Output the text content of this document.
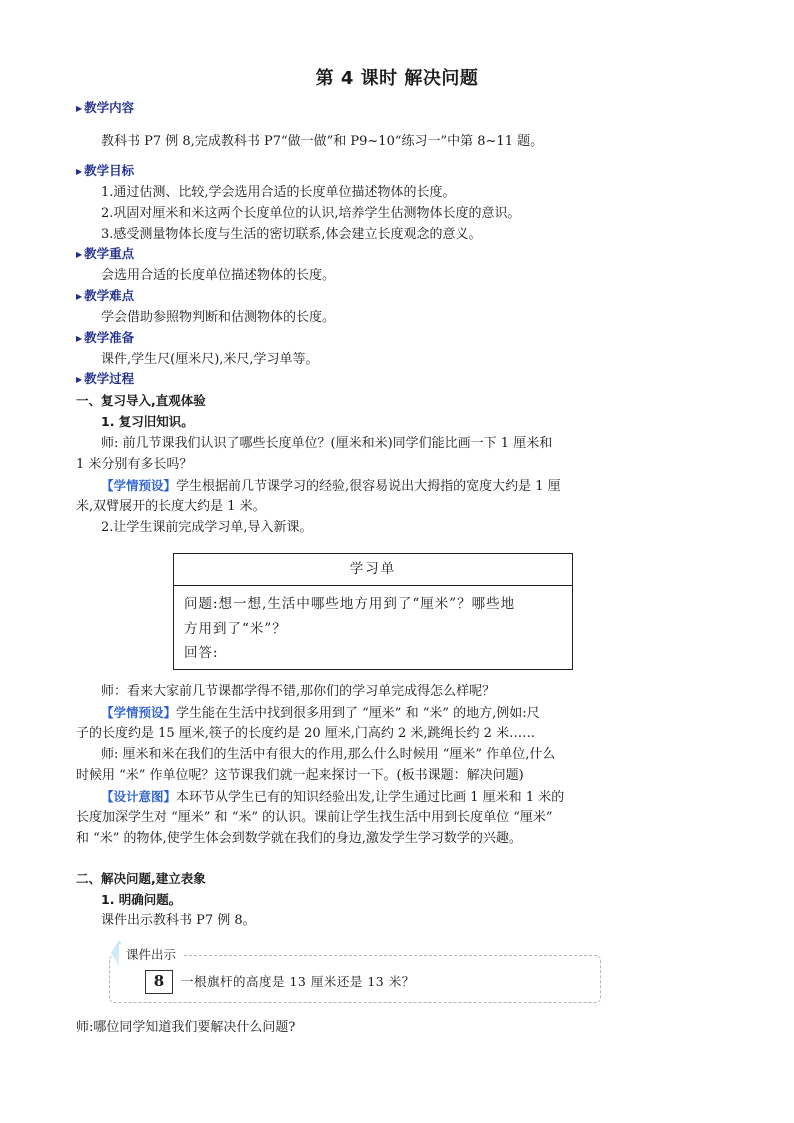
第 4 课时 解决问题
▶ 教学内容
教科书 P7 例 8,完成教科书 P7“做一做”和 P9~10“练习一”中第 8~11 题。
▶ 教学目标
1.通过估测、比较,学会选用合适的长度单位描述物体的长度。
2.巩固对厘米和米这两个长度单位的认识,培养学生估测物体长度的意识。
3.感受测量物体长度与生活的密切联系,体会建立长度观念的意义。
▶ 教学重点
会选用合适的长度单位描述物体的长度。
▶ 教学难点
学会借助参照物判断和估测物体的长度。
▶ 教学准备
课件,学生尺(厘米尺),米尺,学习单等。
▶ 教学过程
一、复习导入,直观体验
1. 复习旧知识。
师: 前几节课我们认识了哪些长度单位？(厘米和米)同学们能比画一下 1 厘米和
1 米分别有多长吗？
【学情预设】学生根据前几节课学习的经验,很容易说出大拇指的宽度大约是 1 厘
米,双臂展开的长度大约是 1 米。
2.让学生课前完成学习单,导入新课。
学习单
问题:想一想,生活中哪些地方用到了“厘米”？哪些地
方用到了“米”？
回答:
师：看来大家前几节课都学得不错,那你们的学习单完成得怎么样呢？
【学情预设】学生能在生活中找到很多用到了 “厘米” 和 “米” 的地方,例如:尺
子的长度约是 15 厘米,筷子的长度约是 20 厘米,门高约 2 米,跳绳长约 2 米……
师: 厘米和米在我们的生活中有很大的作用,那么什么时候用 “厘米” 作单位,什么
时候用 “米” 作单位呢？这节课我们就一起来探讨一下。(板书课题：解决问题)
【设计意图】本环节从学生已有的知识经验出发,让学生通过比画 1 厘米和 1 米的
长度加深学生对 “厘米” 和 “米” 的认识。课前让学生找生活中用到长度单位 “厘米”
和 “米” 的物体,使学生体会到数学就在我们的身边,激发学生学习数学的兴趣。
二、解决问题,建立表象
1. 明确问题。
课件出示教科书 P7 例 8。
课件出示
8	一根旗杆的高度是 13 厘米还是 13 米？
师:哪位同学知道我们要解决什么问题?
